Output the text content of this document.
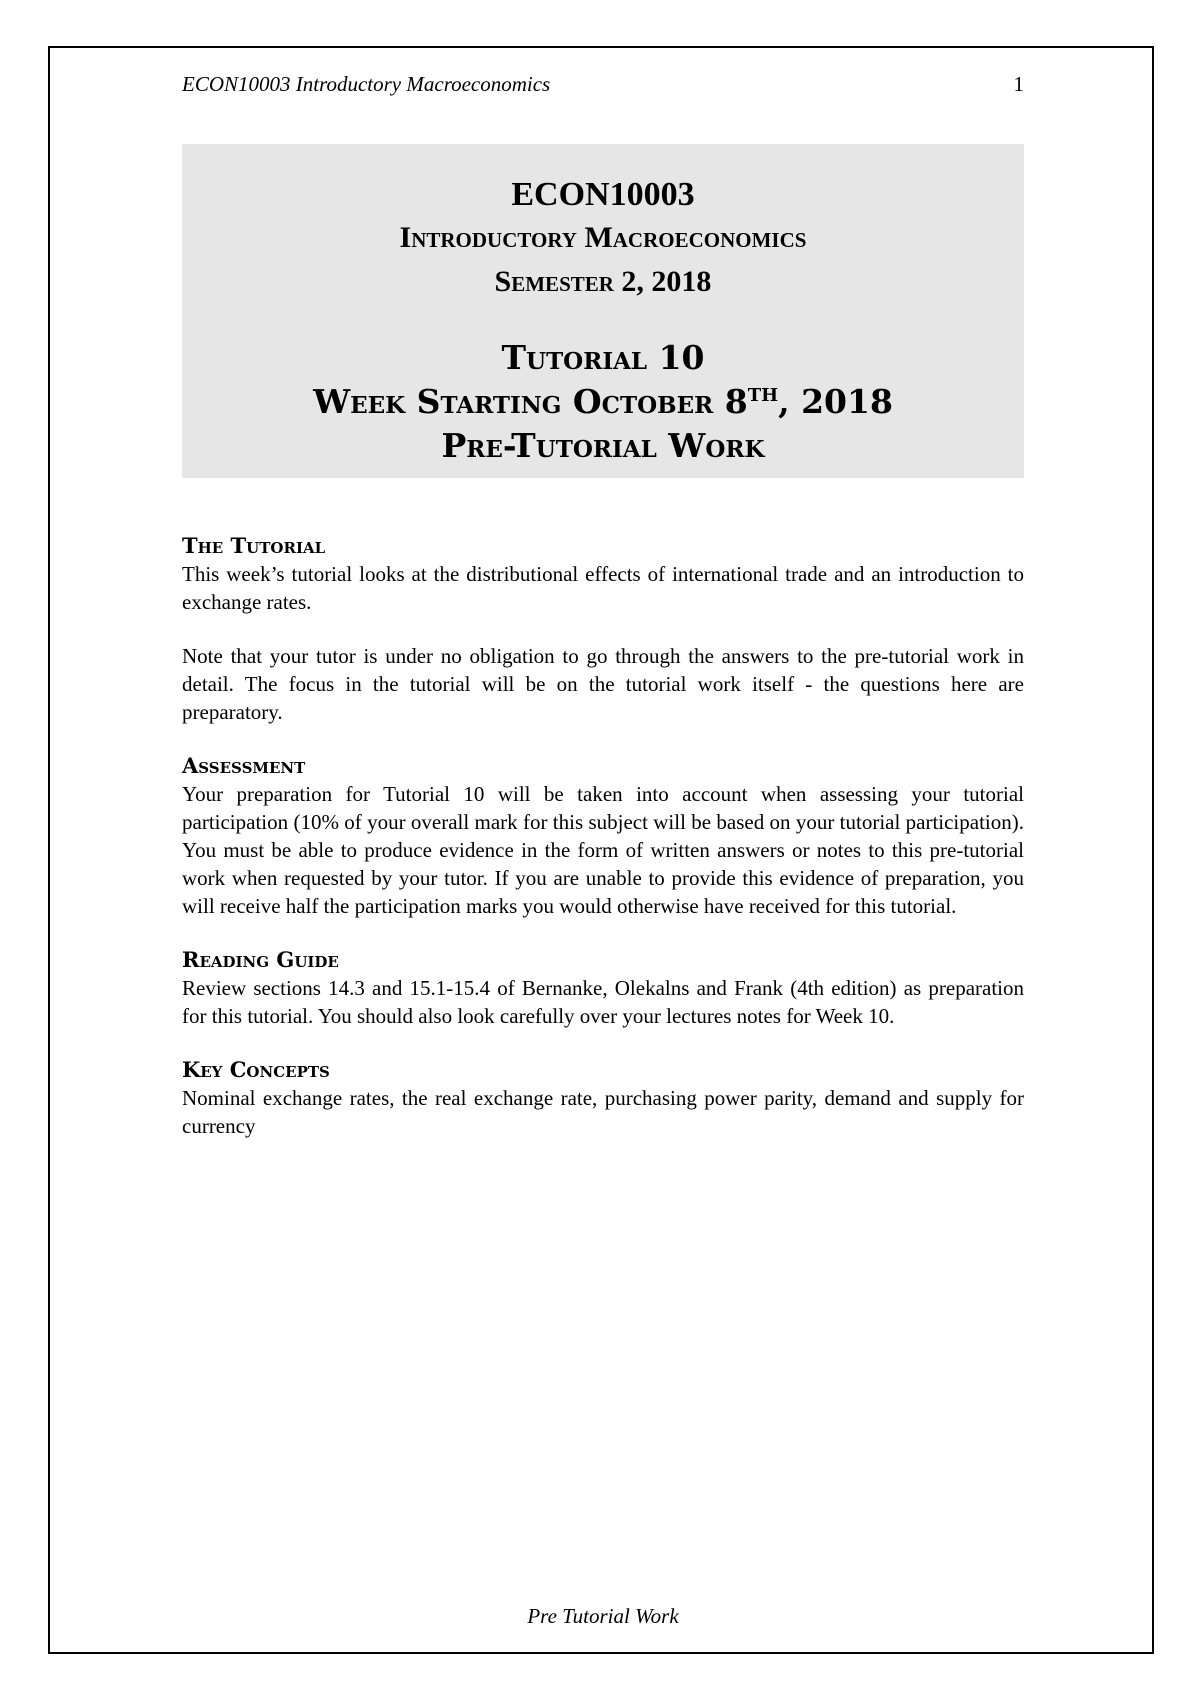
ECON10003 Introductory Macroeconomics	1
ECON10003
Introductory Macroeconomics
Semester 2, 2018
Tutorial 10
Week Starting October 8TH, 2018
Pre-Tutorial Work
The Tutorial

This week’s tutorial looks at the distributional effects of international trade and an introduction to exchange rates.

Note that your tutor is under no obligation to go through the answers to the pre-tutorial work in detail. The focus in the tutorial will be on the tutorial work itself - the questions here are preparatory.

Assessment

Your preparation for Tutorial 10 will be taken into account when assessing your tutorial participation (10% of your overall mark for this subject will be based on your tutorial participation). You must be able to produce evidence in the form of written answers or notes to this pre-tutorial work when requested by your tutor. If you are unable to provide this evidence of preparation, you will receive half the participation marks you would otherwise have received for this tutorial.

Reading Guide

Review sections 14.3 and 15.1-15.4 of Bernanke, Olekalns and Frank (4th edition) as preparation for this tutorial. You should also look carefully over your lectures notes for Week 10.

Key Concepts

Nominal exchange rates, the real exchange rate, purchasing power parity, demand and supply for currency

Pre Tutorial Work
